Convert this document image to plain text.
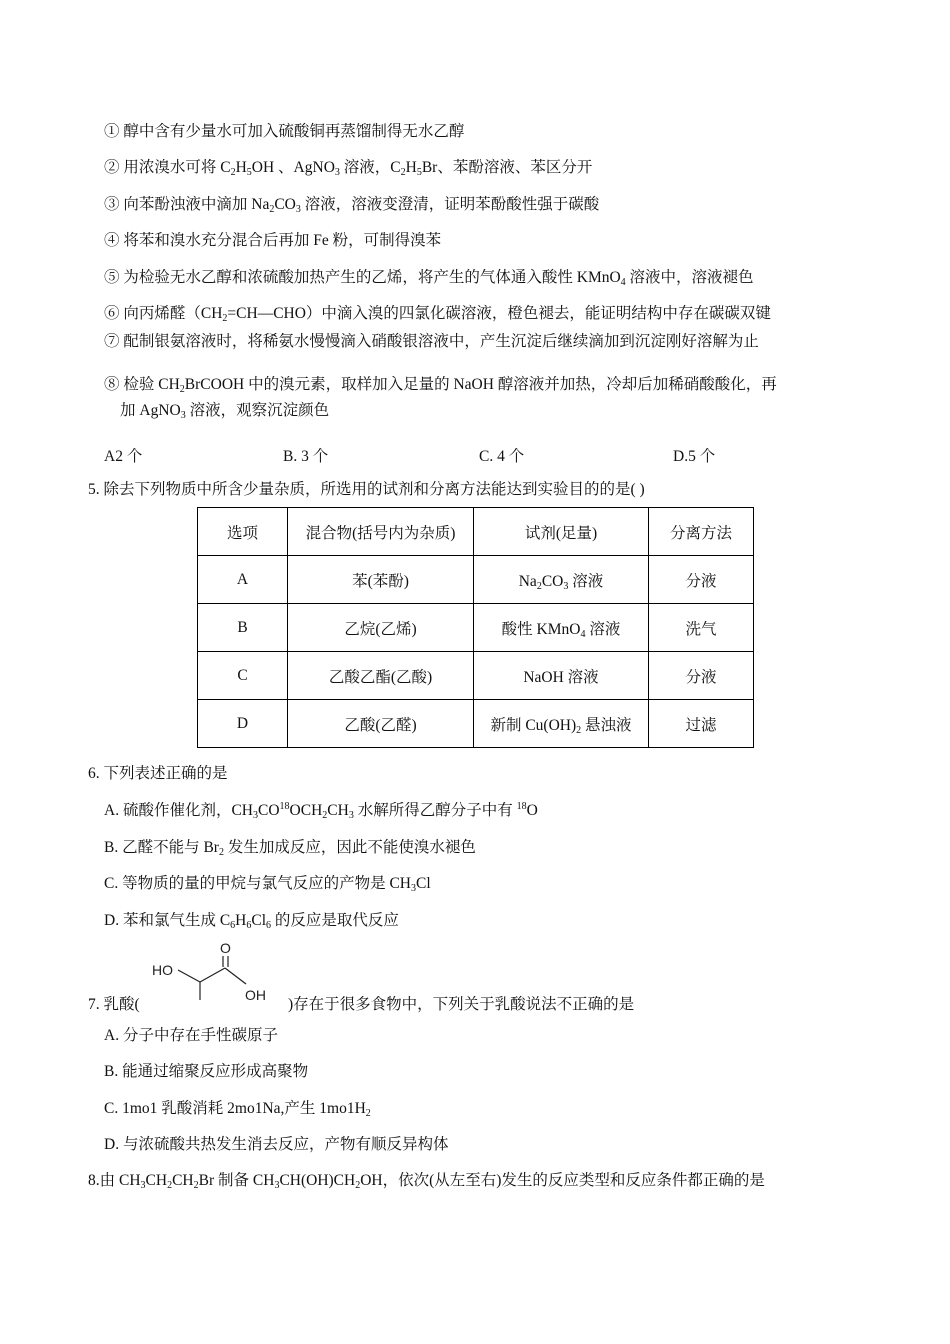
① 醇中含有少量水可加入硫酸铜再蒸馏制得无水乙醇
② 用浓溴水可将 $C_2H_5OH$ 、AgNO$_3$ 溶液，$C_2H_5Br$、苯酚溶液、苯区分开
③ 向苯酚浊液中滴加 $Na_2CO_3$ 溶液，溶液变澄清，证明苯酚酸性强于碳酸
④ 将苯和溴水充分混合后再加 Fe 粉，可制得溴苯
⑤ 为检验无水乙醇和浓硫酸加热产生的乙烯，将产生的气体通入酸性 KMnO$_4$ 溶液中，溶液褪色
⑥ 向丙烯醛$(CH_2=CH—CHO)$中滴入溴的四氯化碳溶液，橙色褪去，能证明结构中存在碳碳双键
⑦ 配制银氨溶液时，将稀氨水慢慢滴入硝酸银溶液中，产生沉淀后继续滴加到沉淀刚好溶解为止
⑧ 检验 $CH_2BrCOOH$ 中的溴元素，取样加入足量的 NaOH 醇溶液并加热，冷却后加稀硝酸酸化，再
加 AgNO$_3$ 溶液，观察沉淀颜色
A2 个	B. 3 个	C. 4 个	D.5 个
5. 除去下列物质中所含少量杂质，所选用的试剂和分离方法能达到实验目的的是( )
选项	混合物(括号内为杂质)	试剂(足量)	分离方法
A	苯(苯酚)	$Na_2CO_3$ 溶液	分液
B	乙烷(乙烯)	酸性 KMnO$_4$ 溶液	洗气
C	乙酸乙酯(乙酸)	NaOH 溶液	分液
D	乙酸(乙醛)	新制 $Cu(OH)_2$ 悬浊液	过滤
6. 下列表述正确的是
A. 硫酸作催化剂，$CH_3CO^{18}OCH_2CH_3$ 水解所得乙醇分子中有 $^{18}$O
B. 乙醛不能与 $Br_2$ 发生加成反应，因此不能使溴水褪色
C. 等物质的量的甲烷与氯气反应的产物是 $CH_3Cl$
D. 苯和氯气生成 $C_6H_6Cl_6$ 的反应是取代反应
HO
O
OH
7. 乳酸(	)存在于很多食物中，下列关于乳酸说法不正确的是
A. 分子中存在手性碳原子
B. 能通过缩聚反应形成高聚物
C. 1mo1 乳酸消耗 2mo1Na,产生 $1mo1H_2$
D. 与浓硫酸共热发生消去反应，产物有顺反异构体
8.由 $CH_3CH_2CH_2Br$ 制备 $CH_3CH(OH)CH_2OH$，依次(从左至右)发生的反应类型和反应条件都正确的是
